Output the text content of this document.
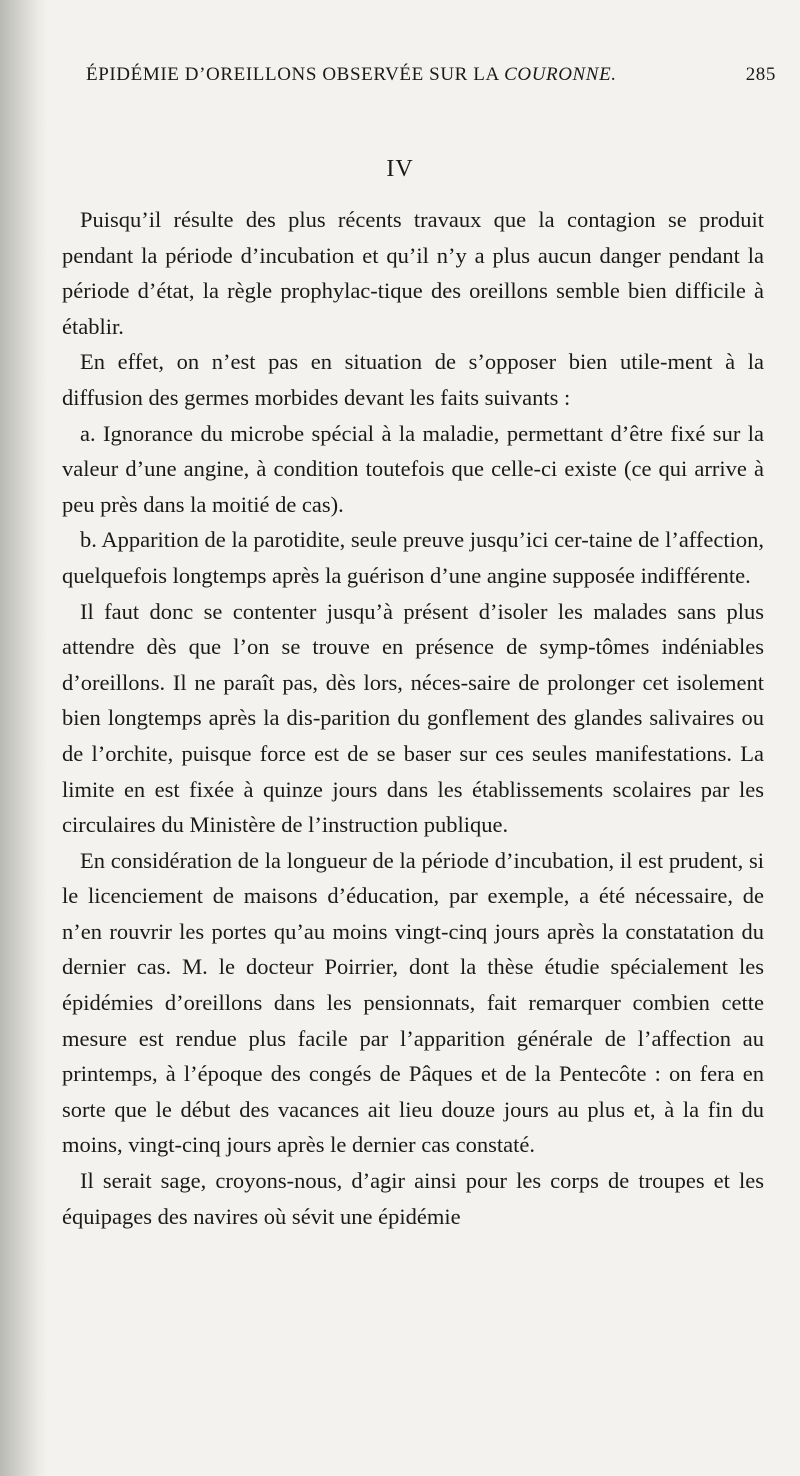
ÉPIDÉMIE D’OREILLONS OBSERVÉE SUR LA COURONNE.	285
IV

Puisqu’il résulte des plus récents travaux que la contagion se produit pendant la période d’incubation et qu’il n’y a plus aucun danger pendant la période d’état, la règle prophylac-tique des oreillons semble bien difficile à établir.

En effet, on n’est pas en situation de s’opposer bien utile-ment à la diffusion des germes morbides devant les faits suivants :

a. Ignorance du microbe spécial à la maladie, permettant d’être fixé sur la valeur d’une angine, à condition toutefois que celle-ci existe (ce qui arrive à peu près dans la moitié de cas).

b. Apparition de la parotidite, seule preuve jusqu’ici cer-taine de l’affection, quelquefois longtemps après la guérison d’une angine supposée indifférente.

Il faut donc se contenter jusqu’à présent d’isoler les malades sans plus attendre dès que l’on se trouve en présence de symp-tômes indéniables d’oreillons. Il ne paraît pas, dès lors, néces-saire de prolonger cet isolement bien longtemps après la dis-parition du gonflement des glandes salivaires ou de l’orchite, puisque force est de se baser sur ces seules manifestations. La limite en est fixée à quinze jours dans les établissements scolaires par les circulaires du Ministère de l’instruction publique.

En considération de la longueur de la période d’incubation, il est prudent, si le licenciement de maisons d’éducation, par exemple, a été nécessaire, de n’en rouvrir les portes qu’au moins vingt-cinq jours après la constatation du dernier cas. M. le docteur Poirrier, dont la thèse étudie spécialement les épidémies d’oreillons dans les pensionnats, fait remarquer combien cette mesure est rendue plus facile par l’apparition générale de l’affection au printemps, à l’époque des congés de Pâques et de la Pentecôte : on fera en sorte que le début des vacances ait lieu douze jours au plus et, à la fin du moins, vingt-cinq jours après le dernier cas constaté.

Il serait sage, croyons-nous, d’agir ainsi pour les corps de troupes et les équipages des navires où sévit une épidémie
